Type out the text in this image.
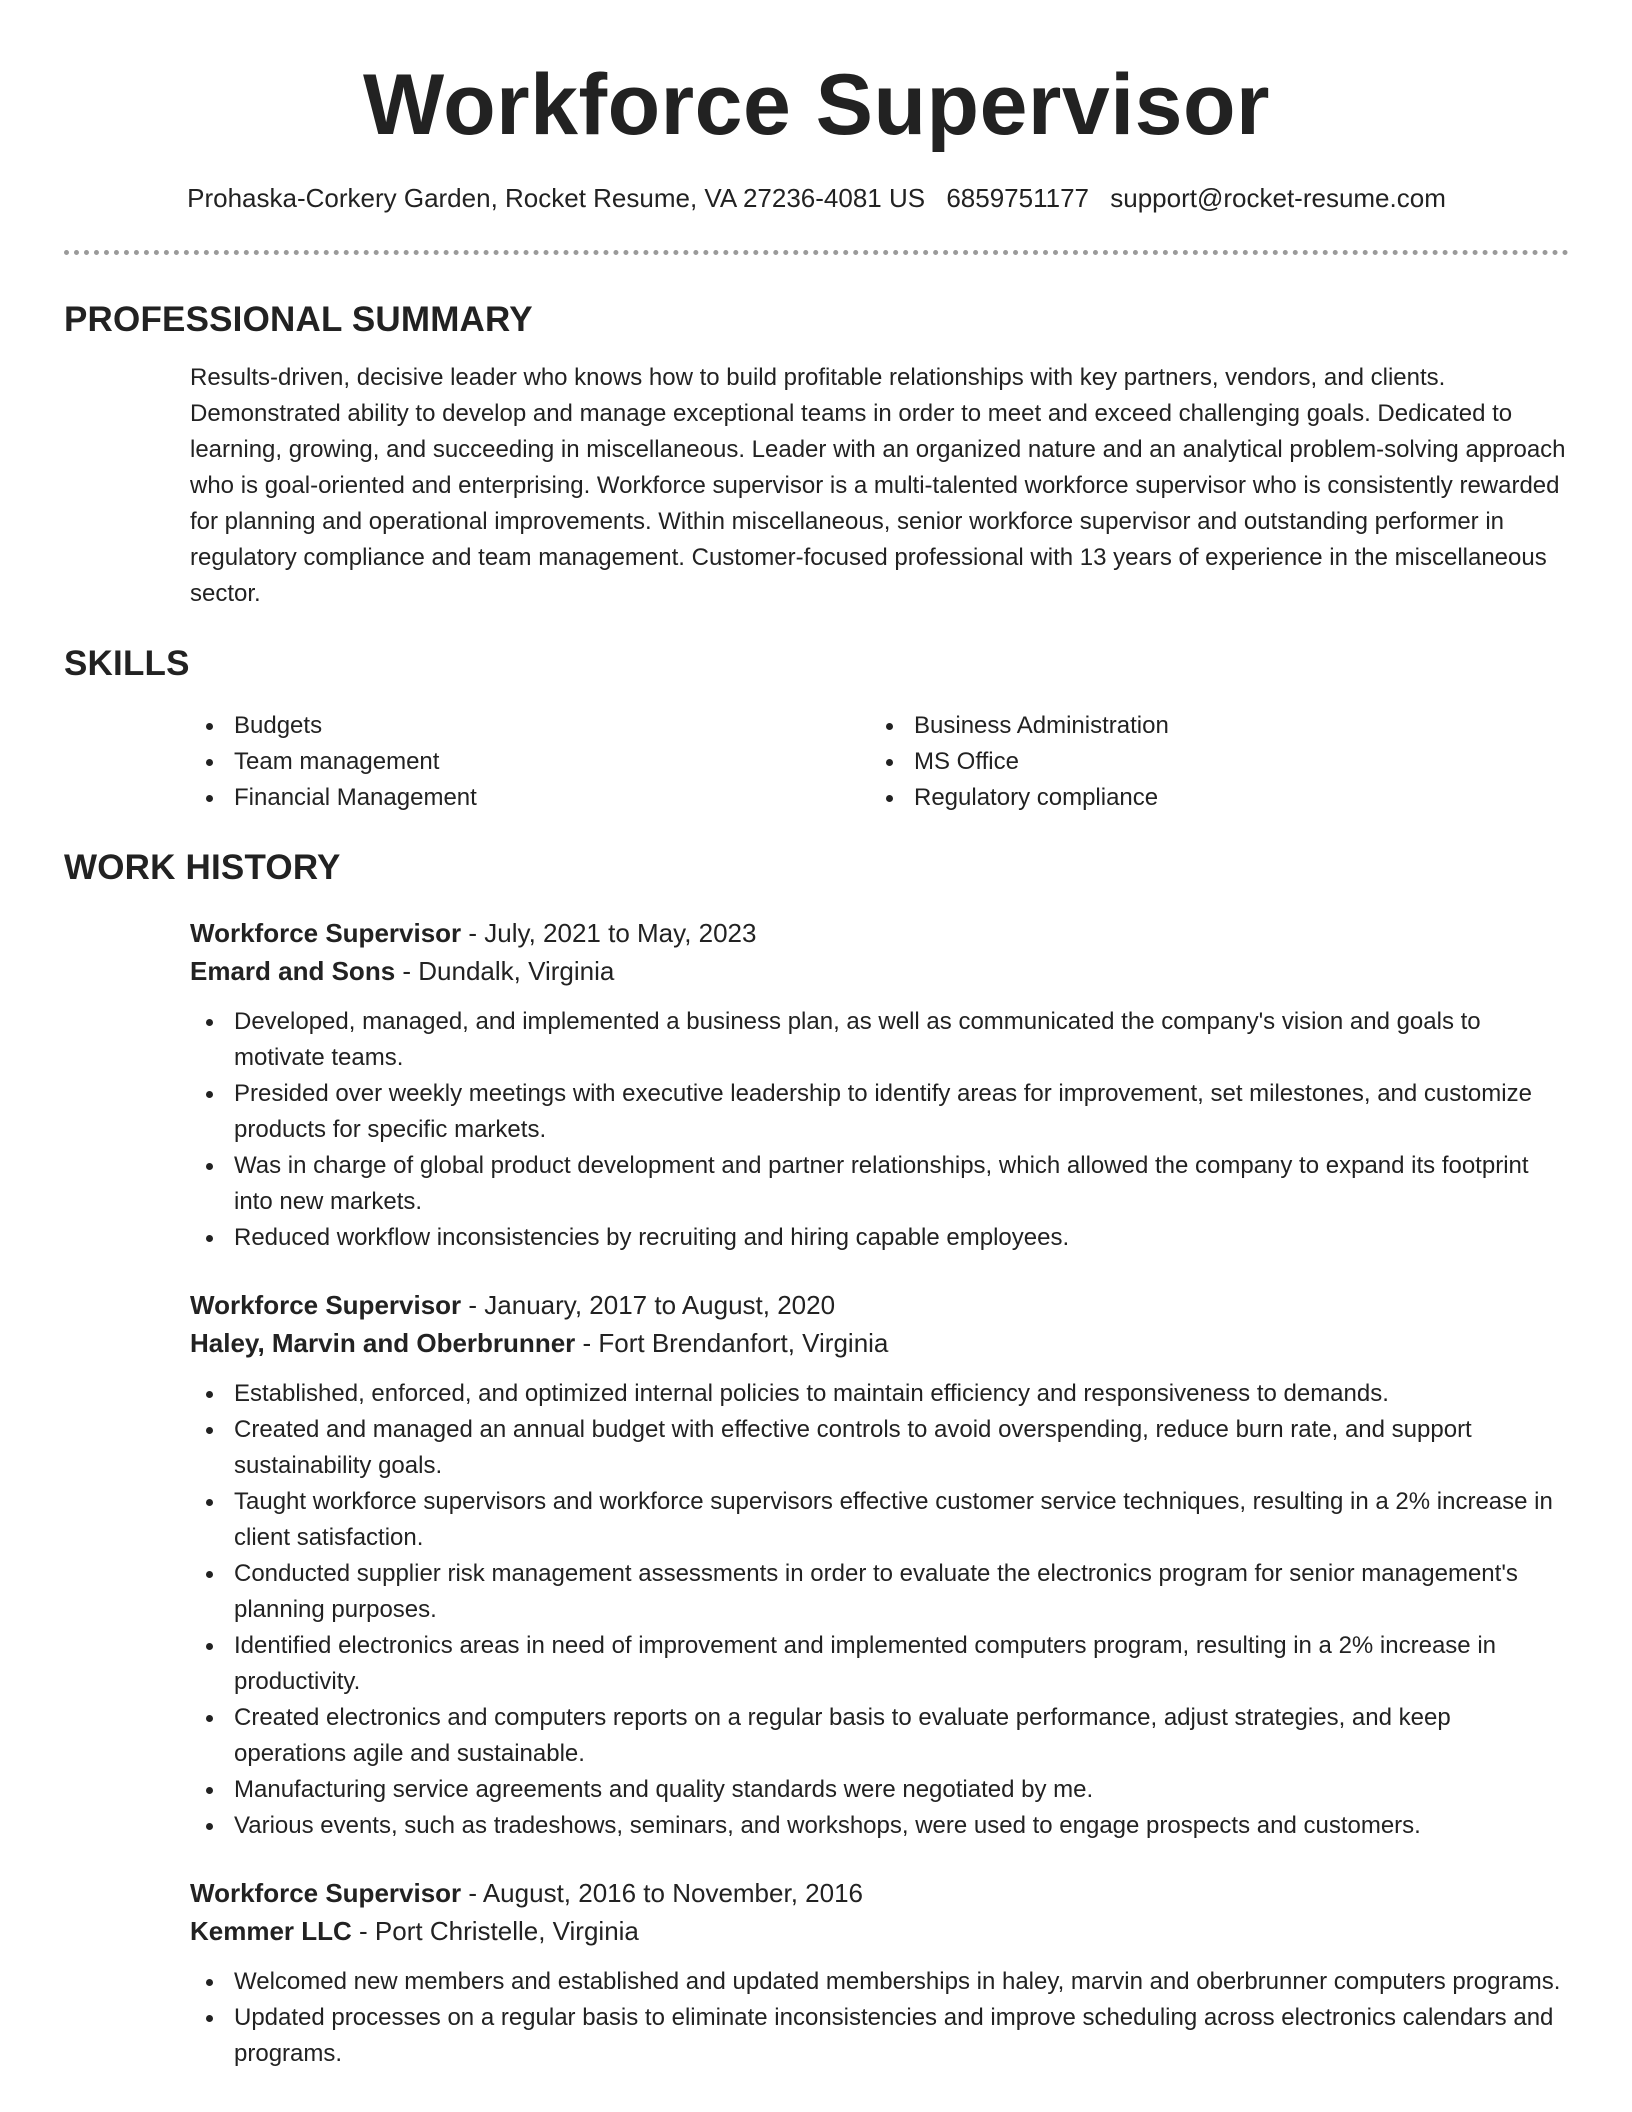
Workforce Supervisor
Prohaska-Corkery Garden, Rocket Resume, VA 27236-4081 US 6859751177 support@rocket-resume.com
PROFESSIONAL SUMMARY
Results-driven, decisive leader who knows how to build profitable relationships with key partners, vendors, and clients. Demonstrated ability to develop and manage exceptional teams in order to meet and exceed challenging goals. Dedicated to learning, growing, and succeeding in miscellaneous. Leader with an organized nature and an analytical problem-solving approach who is goal-oriented and enterprising. Workforce supervisor is a multi-talented workforce supervisor who is consistently rewarded for planning and operational improvements. Within miscellaneous, senior workforce supervisor and outstanding performer in regulatory compliance and team management. Customer-focused professional with 13 years of experience in the miscellaneous sector.
SKILLS
Budgets
Team management
Financial Management
Business Administration
MS Office
Regulatory compliance
WORK HISTORY
Workforce Supervisor - July, 2021 to May, 2023
Emard and Sons - Dundalk, Virginia
Developed, managed, and implemented a business plan, as well as communicated the company's vision and goals to motivate teams.
Presided over weekly meetings with executive leadership to identify areas for improvement, set milestones, and customize products for specific markets.
Was in charge of global product development and partner relationships, which allowed the company to expand its footprint into new markets.
Reduced workflow inconsistencies by recruiting and hiring capable employees.
Workforce Supervisor - January, 2017 to August, 2020
Haley, Marvin and Oberbrunner - Fort Brendanfort, Virginia
Established, enforced, and optimized internal policies to maintain efficiency and responsiveness to demands.
Created and managed an annual budget with effective controls to avoid overspending, reduce burn rate, and support sustainability goals.
Taught workforce supervisors and workforce supervisors effective customer service techniques, resulting in a 2% increase in client satisfaction.
Conducted supplier risk management assessments in order to evaluate the electronics program for senior management's planning purposes.
Identified electronics areas in need of improvement and implemented computers program, resulting in a 2% increase in productivity.
Created electronics and computers reports on a regular basis to evaluate performance, adjust strategies, and keep operations agile and sustainable.
Manufacturing service agreements and quality standards were negotiated by me.
Various events, such as tradeshows, seminars, and workshops, were used to engage prospects and customers.
Workforce Supervisor - August, 2016 to November, 2016
Kemmer LLC - Port Christelle, Virginia
Welcomed new members and established and updated memberships in haley, marvin and oberbrunner computers programs.
Updated processes on a regular basis to eliminate inconsistencies and improve scheduling across electronics calendars and programs.
